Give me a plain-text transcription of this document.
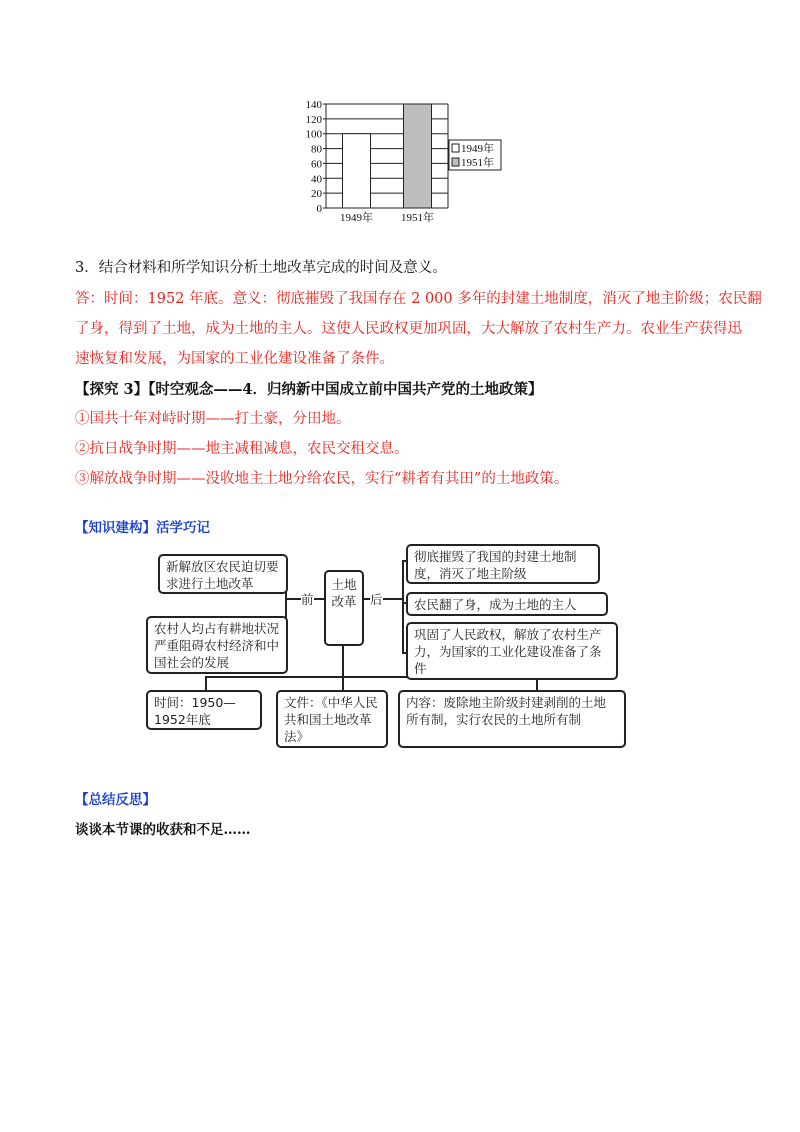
0
20
40
60
80
100
120
140
1949年	1951年
1949年
1951年
3．结合材料和所学知识分析土地改革完成的时间及意义。
答：时间：1952 年底。意义：彻底摧毁了我国存在 2 000 多年的封建土地制度，消灭了地主阶级；农民翻
了身，得到了土地，成为土地的主人。这使人民政权更加巩固，大大解放了农村生产力。农业生产获得迅
速恢复和发展，为国家的工业化建设准备了条件。
【探究 3】【时空观念——4．归纳新中国成立前中国共产党的土地政策】
①国共十年对峙时期——打土豪，分田地。
②抗日战争时期——地主减租减息，农民交租交息。
③解放战争时期——没收地主土地分给农民，实行“耕者有其田”的土地政策。
【知识建构】活学巧记
新解放区农民迫切要求进行土地改革
农村人均占有耕地状况严重阻碍农村经济和中国社会的发展
前
土地改革	后
彻底摧毁了我国的封建土地制度，消灭了地主阶级
农民翻了身，成为土地的主人
巩固了人民政权，解放了农村生产力，为国家的工业化建设准备了条件
时间：1950—1952年底
文件：《中华人民共和国土地改革法》
内容：废除地主阶级封建剥削的土地所有制，实行农民的土地所有制
【总结反思】
谈谈本节课的收获和不足……
